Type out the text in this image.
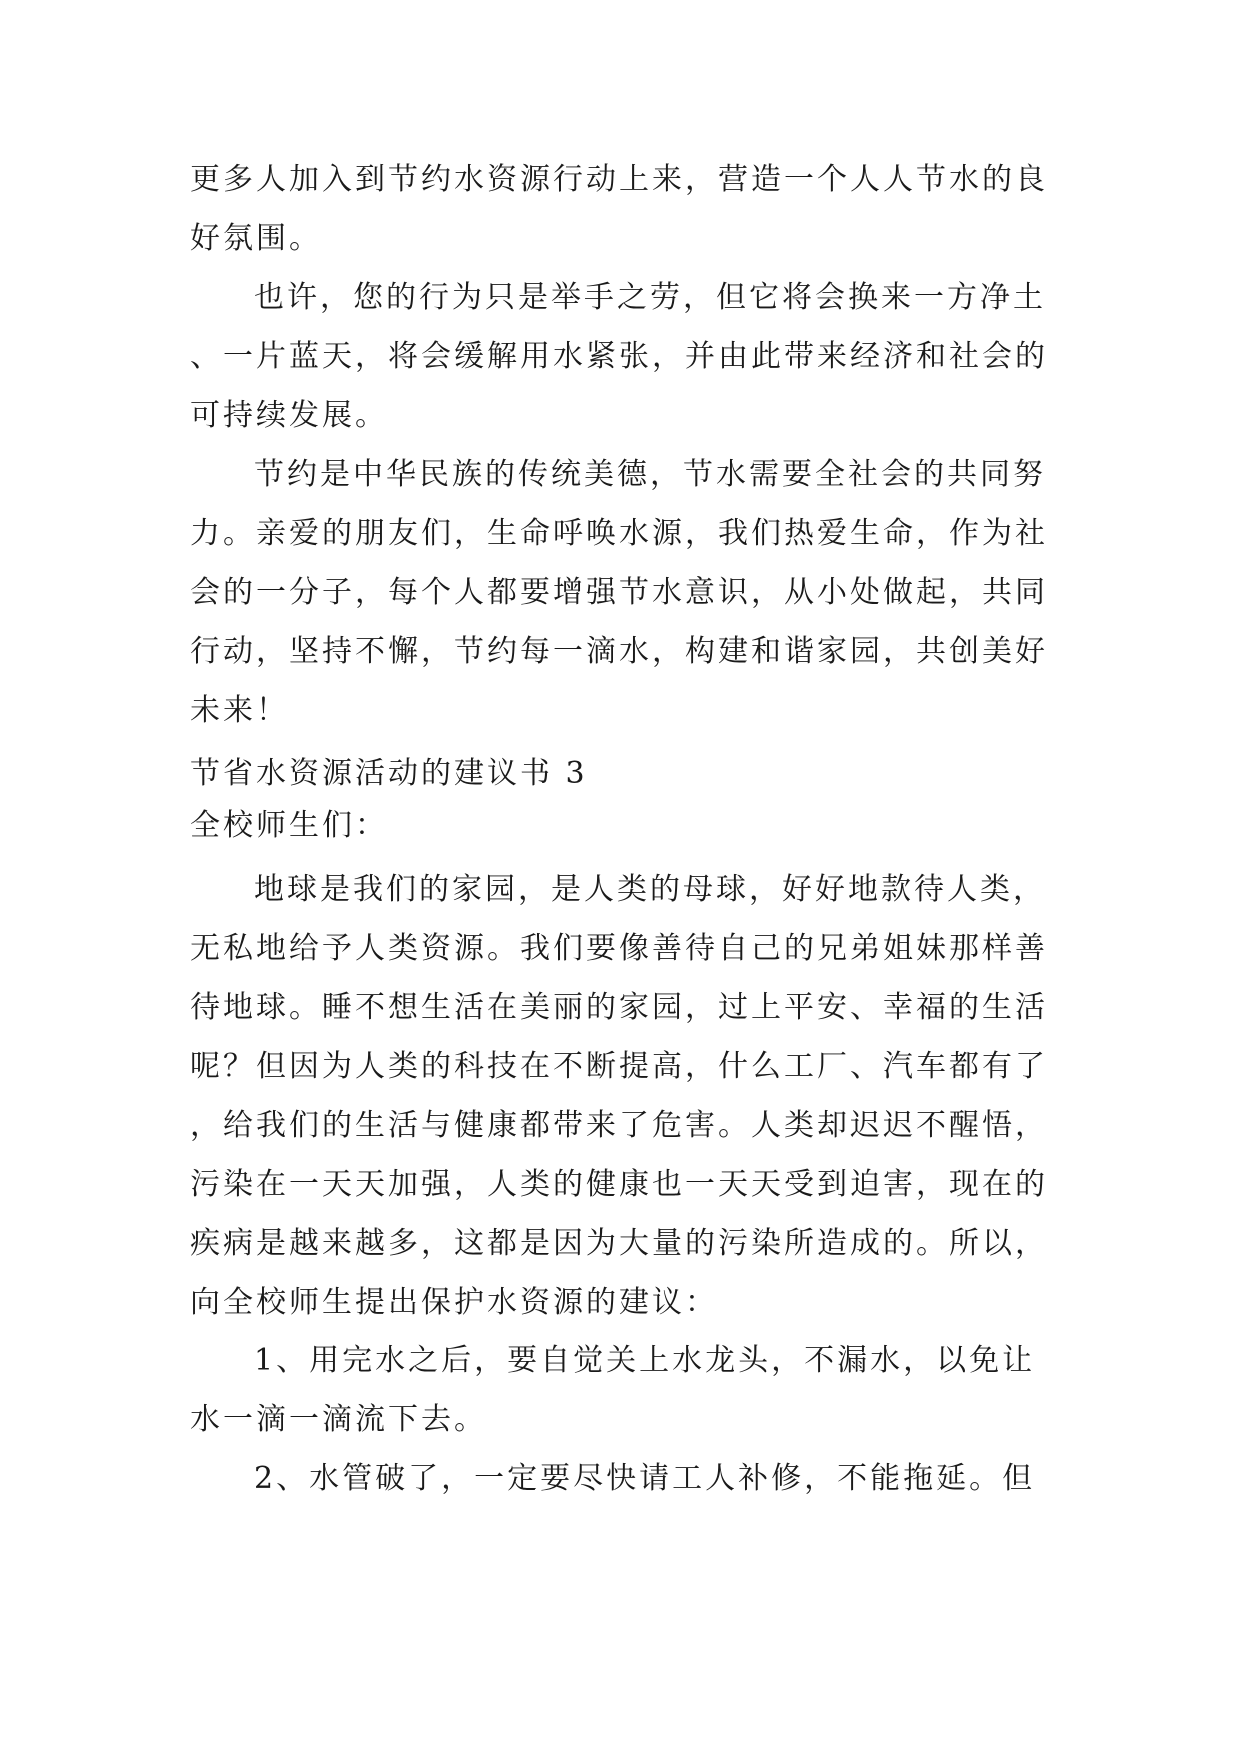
更多人加入到节约水资源行动上来，营造一个人人节水的良好氛围。

也许，您的行为只是举手之劳，但它将会换来一方净土、一片蓝天，将会缓解用水紧张，并由此带来经济和社会的可持续发展。

节约是中华民族的传统美德，节水需要全社会的共同努力。亲爱的朋友们，生命呼唤水源，我们热爱生命，作为社会的一分子，每个人都要增强节水意识，从小处做起，共同行动，坚持不懈，节约每一滴水，构建和谐家园，共创美好未来！

节省水资源活动的建议书 3

全校师生们：

地球是我们的家园，是人类的母球，好好地款待人类，无私地给予人类资源。我们要像善待自己的兄弟姐妹那样善待地球。睡不想生活在美丽的家园，过上平安、幸福的生活呢？但因为人类的科技在不断提高，什么工厂、汽车都有了，给我们的生活与健康都带来了危害。人类却迟迟不醒悟，污染在一天天加强，人类的健康也一天天受到迫害，现在的疾病是越来越多，这都是因为大量的污染所造成的。所以，向全校师生提出保护水资源的建议：

1、用完水之后，要自觉关上水龙头，不漏水，以免让水一滴一滴流下去。

2、水管破了，一定要尽快请工人补修，不能拖延。但
